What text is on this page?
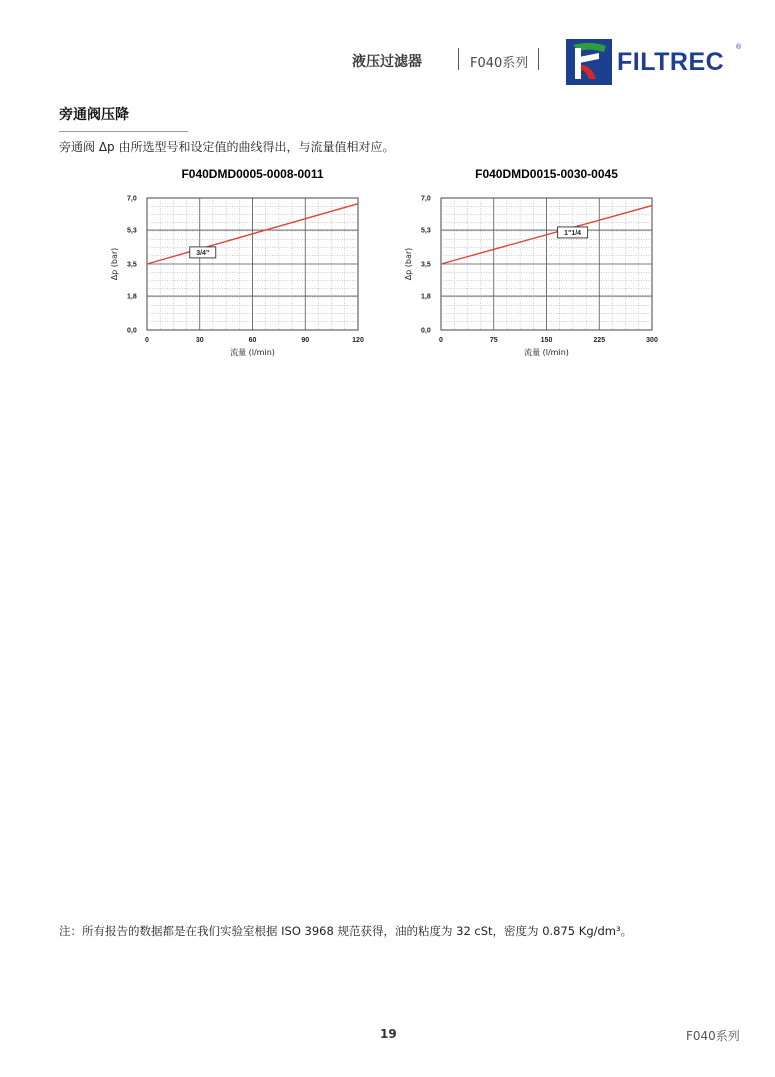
液压过滤器	F040系列	FILTREC
®
旁通阀压降
旁通阀 Δp 由所选型号和设定值的曲线得出，与流量值相对应。
F040DMD0005-0008-0011
0,0
1,8
3,5
5,3
7,0
0	30	60	90	120
流量 (l/min)
Δp (bar)	3/4"
F040DMD0015-0030-0045
0,0
1,8
3,5
5,3
7,0
0	75	150	225	300
流量 (l/min)
Δp (bar)
1"1/4
注：所有报告的数据都是在我们实验室根据 ISO 3968 规范获得，油的粘度为 32 cSt，密度为 0.875 Kg/dm³。
19	F040系列
